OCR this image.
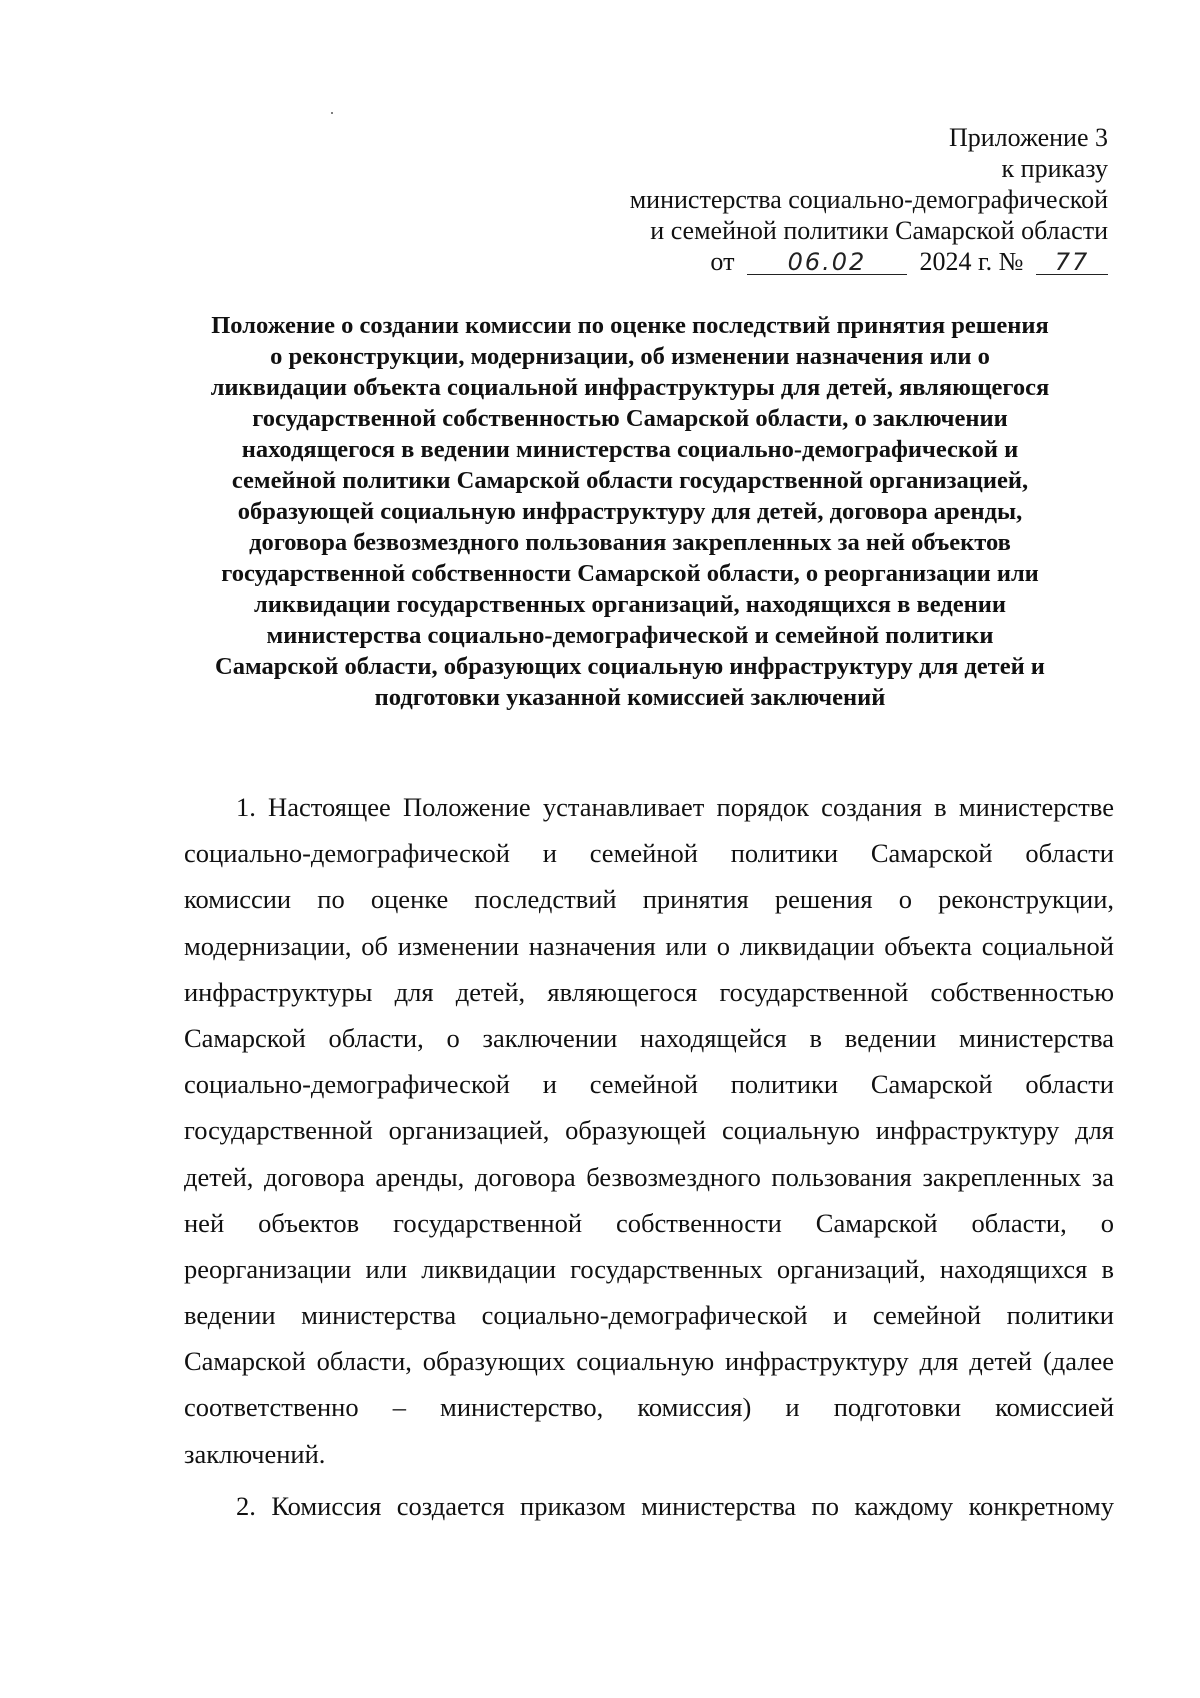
Приложение 3
к приказу
министерства социально-демографической
и семейной политики Самарской области
от 06.02 2024 г. № 77
Положение о создании комиссии по оценке последствий принятия решения
о реконструкции, модернизации, об изменении назначения или о
ликвидации объекта социальной инфраструктуры для детей, являющегося
государственной собственностью Самарской области, о заключении
находящегося в ведении министерства социально-демографической и
семейной политики Самарской области государственной организацией,
образующей социальную инфраструктуру для детей, договора аренды,
договора безвозмездного пользования закрепленных за ней объектов
государственной собственности Самарской области, о реорганизации или
ликвидации государственных организаций, находящихся в ведении
министерства социально-демографической и семейной политики
Самарской области, образующих социальную инфраструктуру для детей и
подготовки указанной комиссией заключений
1. Настоящее Положение устанавливает порядок создания в министерстве
социально-демографической и семейной политики Самарской области
комиссии по оценке последствий принятия решения о реконструкции,
модернизации, об изменении назначения или о ликвидации объекта социальной
инфраструктуры для детей, являющегося государственной собственностью
Самарской области, о заключении находящейся в ведении министерства
социально-демографической и семейной политики Самарской области
государственной организацией, образующей социальную инфраструктуру для
детей, договора аренды, договора безвозмездного пользования закрепленных за
ней объектов государственной собственности Самарской области, о
реорганизации или ликвидации государственных организаций, находящихся в
ведении министерства социально-демографической и семейной политики
Самарской области, образующих социальную инфраструктуру для детей (далее
соответственно – министерство, комиссия) и подготовки комиссией
заключений.
2. Комиссия создается приказом министерства по каждому конкретному
